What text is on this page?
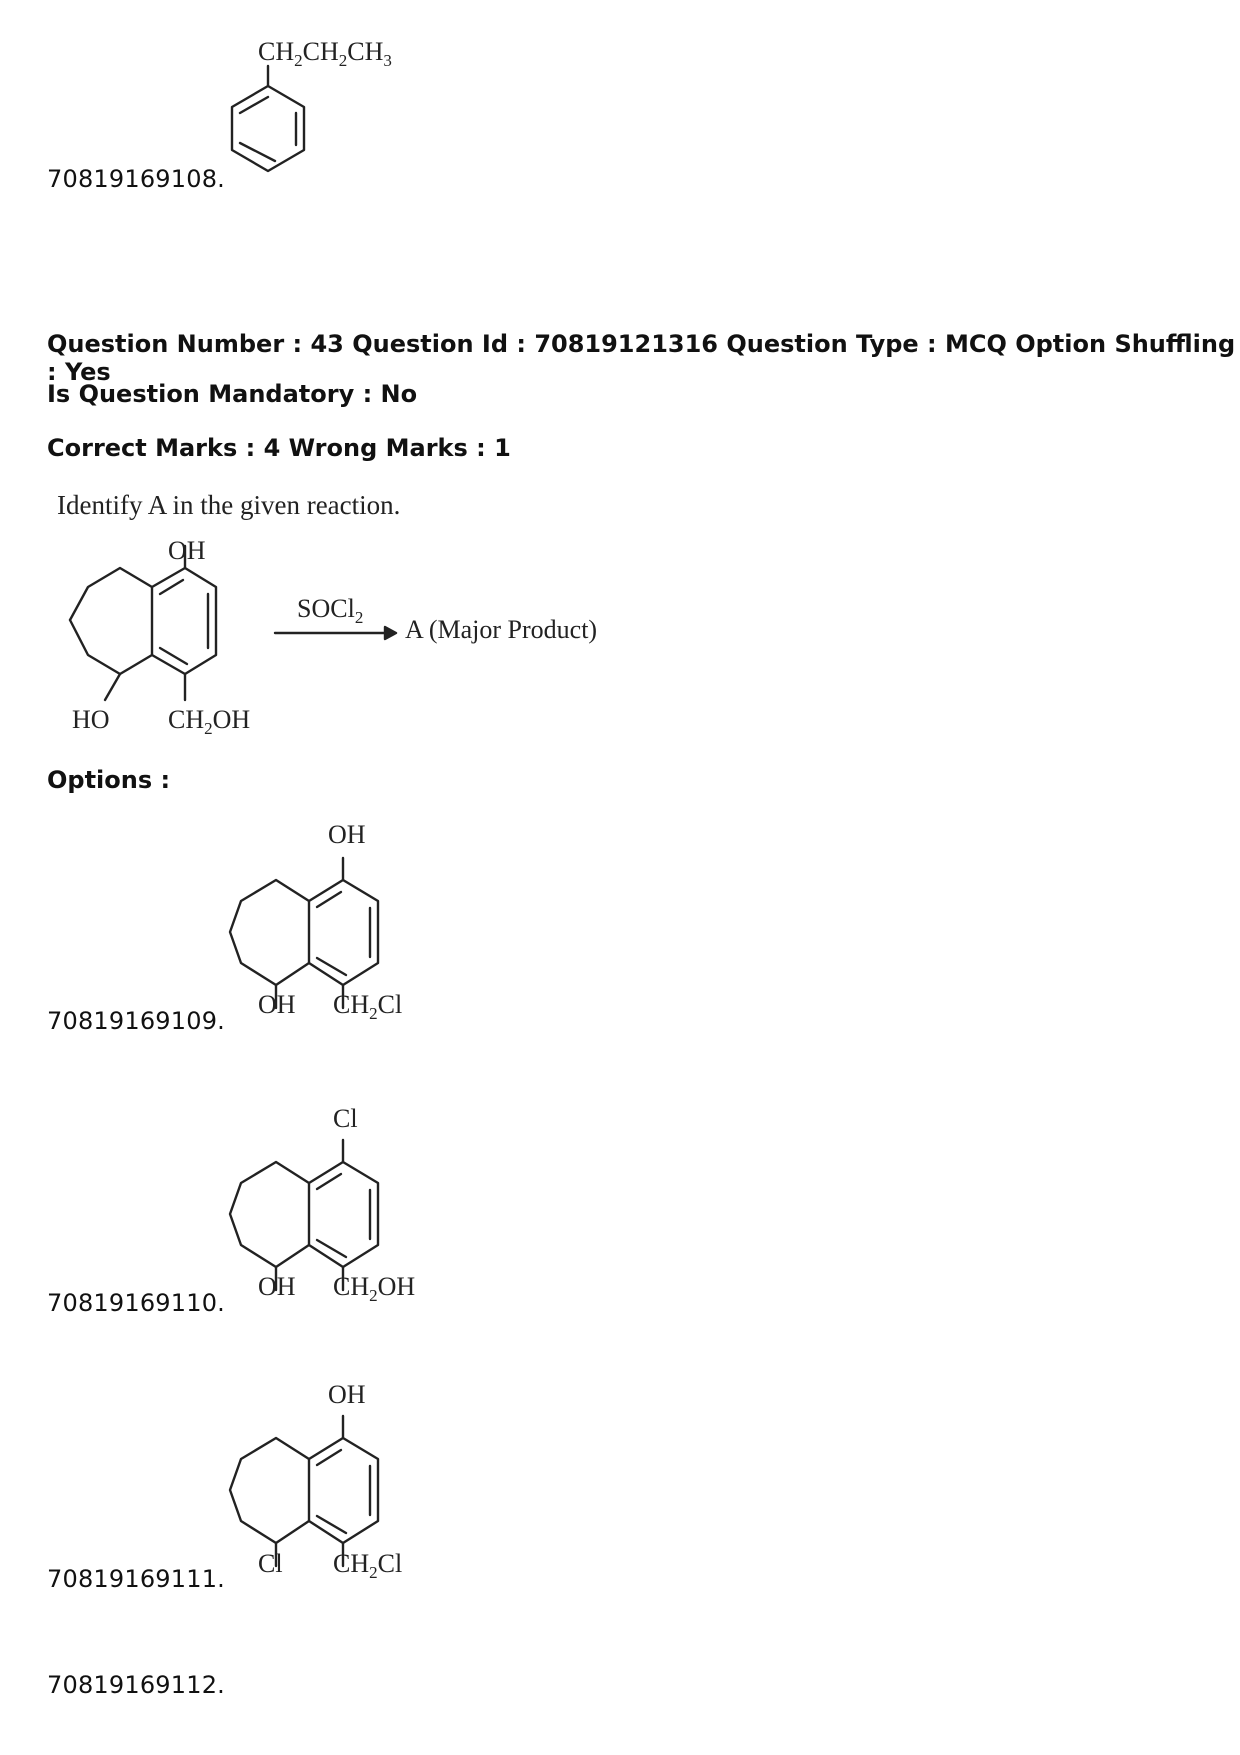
$CH_2CH_2CH_3$
70819169108.
Question Number : 43 Question Id : 70819121316 Question Type : MCQ Option Shuffling : Yes
Is Question Mandatory : No
Correct Marks : 4 Wrong Marks : 1
Identify A in the given reaction.
OH
HO $CH_2OH$
SOCl$_2$ A (Major Product)
Options :
OH
OH $CH_2Cl$
70819169109.
Cl
OH $CH_2OH$
70819169110.
OH
Cl $CH_2Cl$
70819169111.
70819169112.
